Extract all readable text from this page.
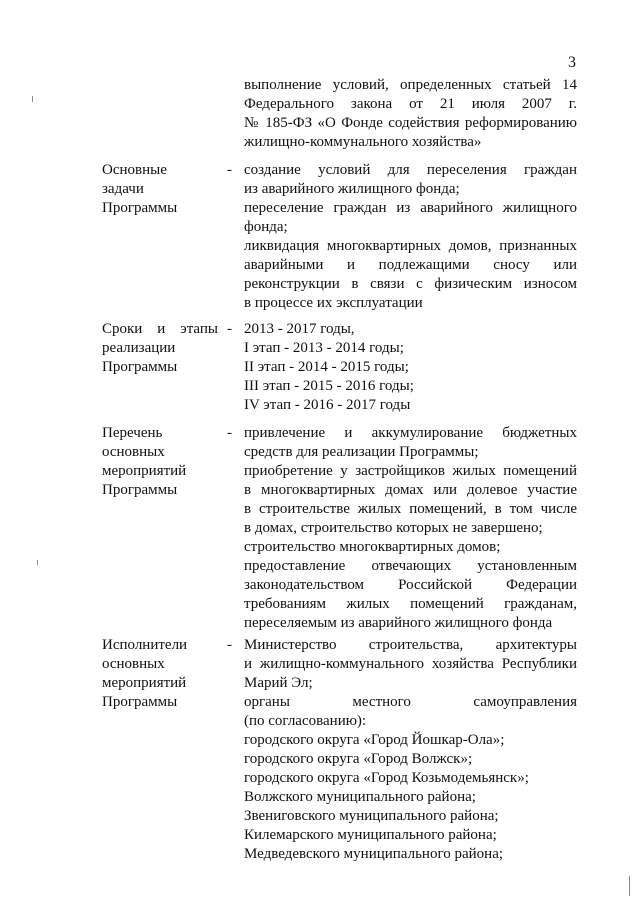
3
выполнение условий, определенных статьей 14
Федерального закона от 21 июля 2007 г.
№ 185-ФЗ «О Фонде содействия реформированию
жилищно-коммунального хозяйства»
Основные
задачи
Программы
- создание условий для переселения граждан
из аварийного жилищного фонда;
переселение граждан из аварийного жилищного
фонда;
ликвидация многоквартирных домов, признанных
аварийными и подлежащими сносу или
реконструкции в связи с физическим износом
в процессе их эксплуатации
Сроки и этапы
реализации
Программы
- 2013 - 2017 годы,
I этап - 2013 - 2014 годы;
II этап - 2014 - 2015 годы;
III этап - 2015 - 2016 годы;
IV этап - 2016 - 2017 годы
Перечень
основных
мероприятий
Программы
- привлечение и аккумулирование бюджетных
средств для реализации Программы;
приобретение у застройщиков жилых помещений
в многоквартирных домах или долевое участие
в строительстве жилых помещений, в том числе
в домах, строительство которых не завершено;
строительство многоквартирных домов;
предоставление отвечающих установленным
законодательством Российской Федерации
требованиям жилых помещений гражданам,
переселяемым из аварийного жилищного фонда
Исполнители
основных
мероприятий
Программы
- Министерство строительства, архитектуры
и жилищно-коммунального хозяйства Республики
Марий Эл;
органы местного самоуправления
(по согласованию):
городского округа «Город Йошкар-Ола»;
городского округа «Город Волжск»;
городского округа «Город Козьмодемьянск»;
Волжского муниципального района;
Звениговского муниципального района;
Килемарского муниципального района;
Медведевского муниципального района;
